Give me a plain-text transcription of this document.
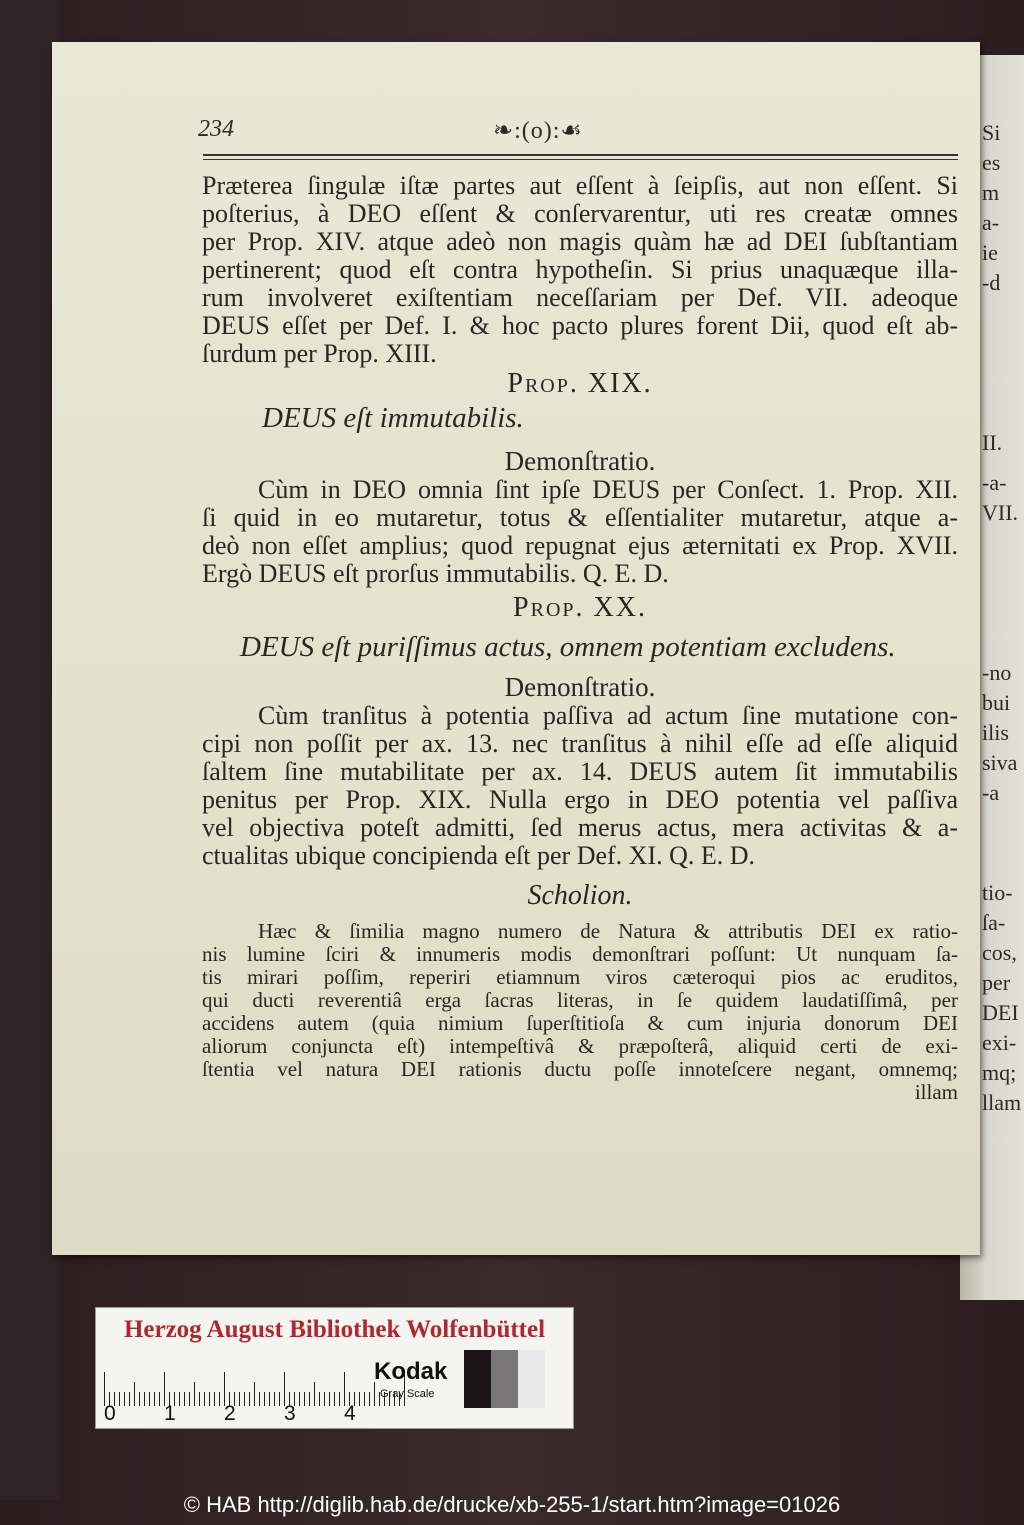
Si
es
m
a-
ie
-d
II.
-a-
VII.
-no
bui
ilis
siva
-a
tio-
ſa-
cos,
per
DEI
exi-
mq;
llam
234	❧:(o):☙
Præterea ſingulæ iſtæ partes aut eſſent à ſeipſis, aut non eſſent. Si
poſterius, à DEO eſſent & conſervarentur, uti res creatæ omnes
per Prop. XIV. atque adeò non magis quàm hæ ad DEI ſubſtantiam
pertinerent; quod eſt contra hypotheſin. Si prius unaquæque illa-
rum involveret exiſtentiam neceſſariam per Def. VII. adeoque
DEUS eſſet per Def. I. & hoc pacto plures forent Dii, quod eſt ab-
ſurdum per Prop. XIII.
Prop. XIX.
DEUS eſt immutabilis.
Demonſtratio.
Cùm in DEO omnia ſint ipſe DEUS per Conſect. 1. Prop. XII.
ſi quid in eo mutaretur, totus & eſſentialiter mutaretur, atque a-
deò non eſſet amplius; quod repugnat ejus æternitati ex Prop. XVII.
Ergò DEUS eſt prorſus immutabilis. Q. E. D.
Prop. XX.
DEUS eſt puriſſimus actus, omnem potentiam excludens.
Demonſtratio.
Cùm tranſitus à potentia paſſiva ad actum ſine mutatione con-
cipi non poſſit per ax. 13. nec tranſitus à nihil eſſe ad eſſe aliquid
ſaltem ſine mutabilitate per ax. 14. DEUS autem ſit immutabilis
penitus per Prop. XIX. Nulla ergo in DEO potentia vel paſſiva
vel objectiva poteſt admitti, ſed merus actus, mera activitas & a-
ctualitas ubique concipienda eſt per Def. XI. Q. E. D.
Scholion.
Hæc & ſimilia magno numero de Natura & attributis DEI ex ratio-
nis lumine ſciri & innumeris modis demonſtrari poſſunt: Ut nunquam ſa-
tis mirari poſſim, reperiri etiamnum viros cæteroqui pios ac eruditos,
qui ducti reverentiâ erga ſacras literas, in ſe quidem laudatiſſimâ, per
accidens autem (quia nimium ſuperſtitioſa & cum injuria donorum DEI
aliorum conjuncta eſt) intempeſtivâ & præpoſterâ, aliquid certi de exi-
ſtentia vel natura DEI rationis ductu poſſe innoteſcere negant, omnemq;
illam
Herzog August Bibliothek Wolfenbüttel
0 1 2 3 4
Kodak
Gray Scale
© HAB http://diglib.hab.de/drucke/xb-255-1/start.htm?image=01026
